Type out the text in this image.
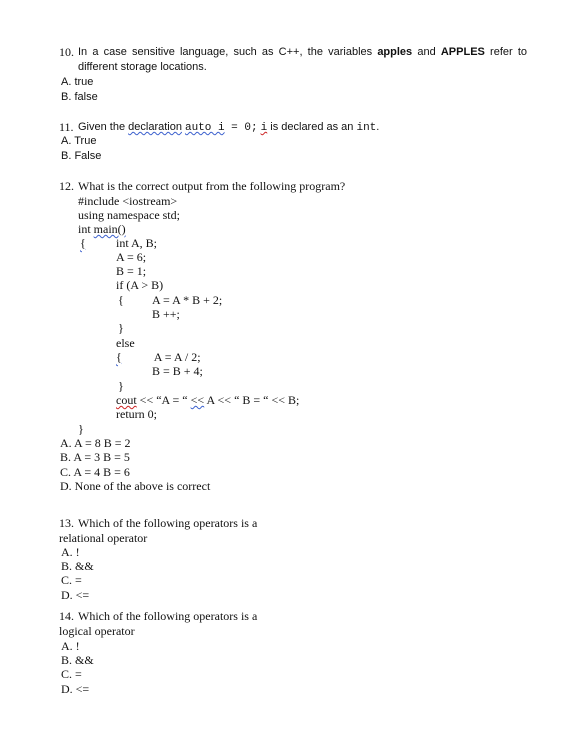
10. In a case sensitive language, such as C++, the variables apples and APPLES refer to different storage locations.
A. true
B. false
11. Given the declaration auto i = 0; i is declared as an int.
A. True
B. False
12. What is the correct output from the following program?
#include <iostream>
using namespace std;
int main()
{	int A, B;
A = 6;
B = 1;
if (A > B)
{ A = A * B + 2;
B ++;
}
else
{	A = A / 2;
B = B + 4;
}
cout << “A = “ << A << “ B = “ << B;
return 0;
}
A. A = 8 B = 2
B. A = 3 B = 5
C. A = 4 B = 6
D. None of the above is correct
13. Which of the following operators is a
relational operator
A. !
B. &&
C. =
D. <=
14. Which of the following operators is a
logical operator
A. !
B. &&
C. =
D. <=
